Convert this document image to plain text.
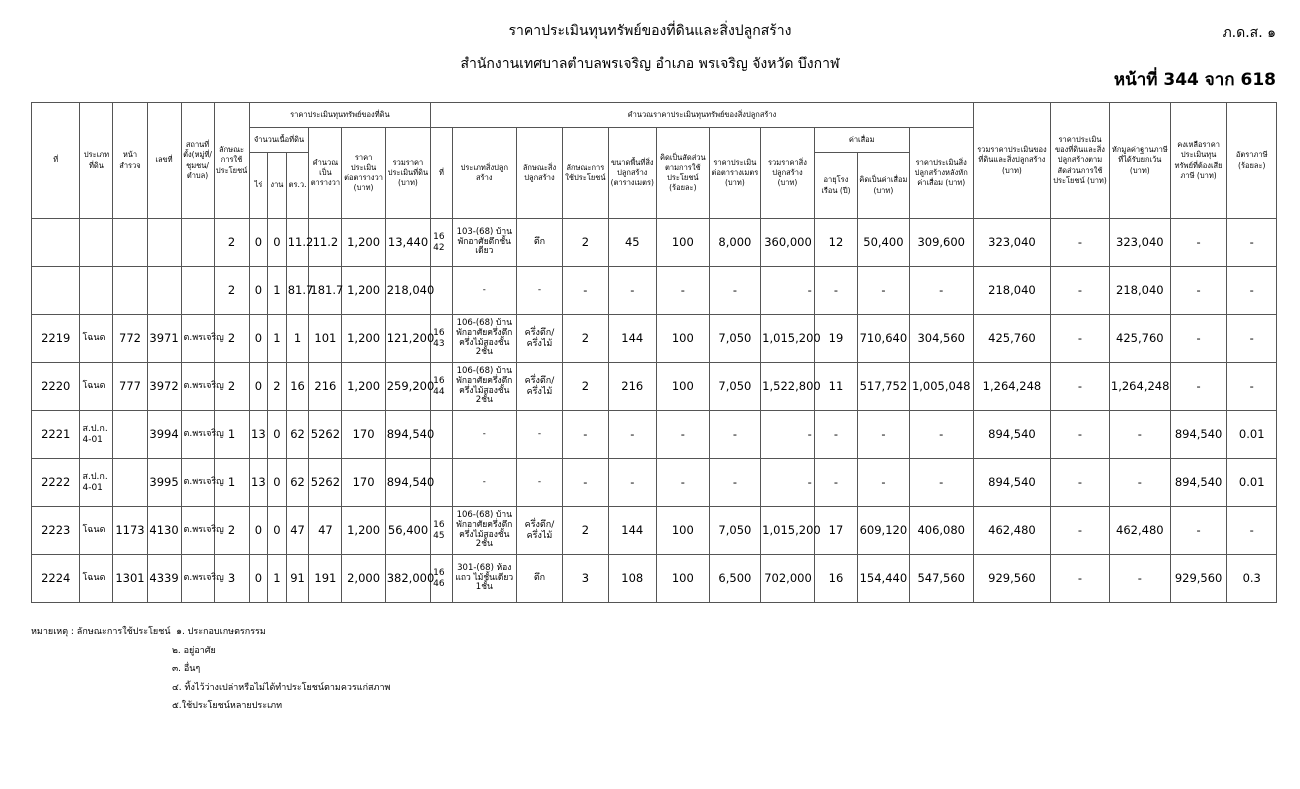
ราคาประเมินทุนทรัพย์ของที่ดินและสิ่งปลูกสร้าง
สำนักงานเทศบาลตำบลพรเจริญ อำเภอ พรเจริญ จังหวัด บึงกาฬ
ภ.ด.ส. ๑
หน้าที่ 344 จาก 618
ที่	ประเภทที่ดิน	หน้าสำรวจ	เลขที่	สถานที่ตั้ง(หมู่ที่/ชุมชน/ตำบล)	ลักษณะการใช้ประโยชน์	ราคาประเมินทุนทรัพย์ของที่ดิน						คำนวณราคาประเมินทุนทรัพย์ของสิ่งปลูกสร้าง											รวมราคาประเมินของที่ดินและสิ่งปลูกสร้าง (บาท)	ราคาประเมินของที่ดินและสิ่งปลูกสร้างตามสัดส่วนการใช้ประโยชน์ (บาท)	หักมูลค่าฐานภาษีที่ได้รับยกเว้น (บาท)	คงเหลือราคาประเมินทุนทรัพย์ที่ต้องเสียภาษี (บาท)	อัตราภาษี (ร้อยละ)
						จำนวนเนื้อที่ดิน			คำนวณเป็นตารางวา	ราคาประเมินต่อตารางวา (บาท)	รวมราคาประเมินที่ดิน (บาท)	ที่	ประเภทสิ่งปลูกสร้าง	ลักษณะสิ่งปลูกสร้าง	ลักษณะการใช้ประโยชน์	ขนาดพื้นที่สิ่งปลูกสร้าง (ตารางเมตร)	คิดเป็นสัดส่วนตามการใช้ประโยชน์ (ร้อยละ)	ราคาประเมินต่อตารางเมตร (บาท)	รวมราคาสิ่งปลูกสร้าง (บาท)	ค่าเสื่อม		ราคาประเมินสิ่งปลูกสร้างหลังหักค่าเสื่อม (บาท)					
						ไร่	งาน	ตร.ว.												อายุโรงเรือน (ปี)	คิดเป็นค่าเสื่อม (บาท)						
					2	0	0	11.2	11.2	1,200	13,440	16 42	103-(68) บ้านพักอาศัยตึกชั้นเดียว	ตึก	2	45	100	8,000	360,000	12	50,400	309,600	323,040	-	323,040	-	-
					2	0	1	81.7	181.7	1,200	218,040		-	-	-	-	-	-	-	-	-	-	218,040	-	218,040	-	-
2219	โฉนด	772	3971	ต.พรเจริญ	2	0	1	1	101	1,200	121,200	16 43	106-(68) บ้านพักอาศัยครึ่งตึกครึ่งไม้สองชั้น 2ชั้น	ครึ่งตึก/ครึ่งไม้	2	144	100	7,050	1,015,200	19	710,640	304,560	425,760	-	425,760	-	-
2220	โฉนด	777	3972	ต.พรเจริญ	2	0	2	16	216	1,200	259,200	16 44	106-(68) บ้านพักอาศัยครึ่งตึกครึ่งไม้สองชั้น 2ชั้น	ครึ่งตึก/ครึ่งไม้	2	216	100	7,050	1,522,800	11	517,752	1,005,048	1,264,248	-	1,264,248	-	-
2221	ส.ป.ก. 4-01		3994	ต.พรเจริญ	1	13	0	62	5262	170	894,540		-	-	-	-	-	-	-	-	-	-	894,540	-	-	894,540	0.01
2222	ส.ป.ก. 4-01		3995	ต.พรเจริญ	1	13	0	62	5262	170	894,540		-	-	-	-	-	-	-	-	-	-	894,540	-	-	894,540	0.01
2223	โฉนด	1173	4130	ต.พรเจริญ	2	0	0	47	47	1,200	56,400	16 45	106-(68) บ้านพักอาศัยครึ่งตึกครึ่งไม้สองชั้น 2ชั้น	ครึ่งตึก/ครึ่งไม้	2	144	100	7,050	1,015,200	17	609,120	406,080	462,480	-	462,480	-	-
2224	โฉนด	1301	4339	ต.พรเจริญ	3	0	1	91	191	2,000	382,000	16 46	301-(68) ห้องแถว ไม้ชั้นเดียว 1ชั้น	ตึก	3	108	100	6,500	702,000	16	154,440	547,560	929,560	-	-	929,560	0.3
หมายเหตุ : ลักษณะการใช้ประโยชน์ ๑. ประกอบเกษตรกรรม
๒. อยู่อาศัย
๓. อื่นๆ
๔. ทิ้งไว้ว่างเปล่าหรือไม่ได้ทำประโยชน์ตามควรแก่สภาพ
๕.ใช้ประโยชน์หลายประเภท
